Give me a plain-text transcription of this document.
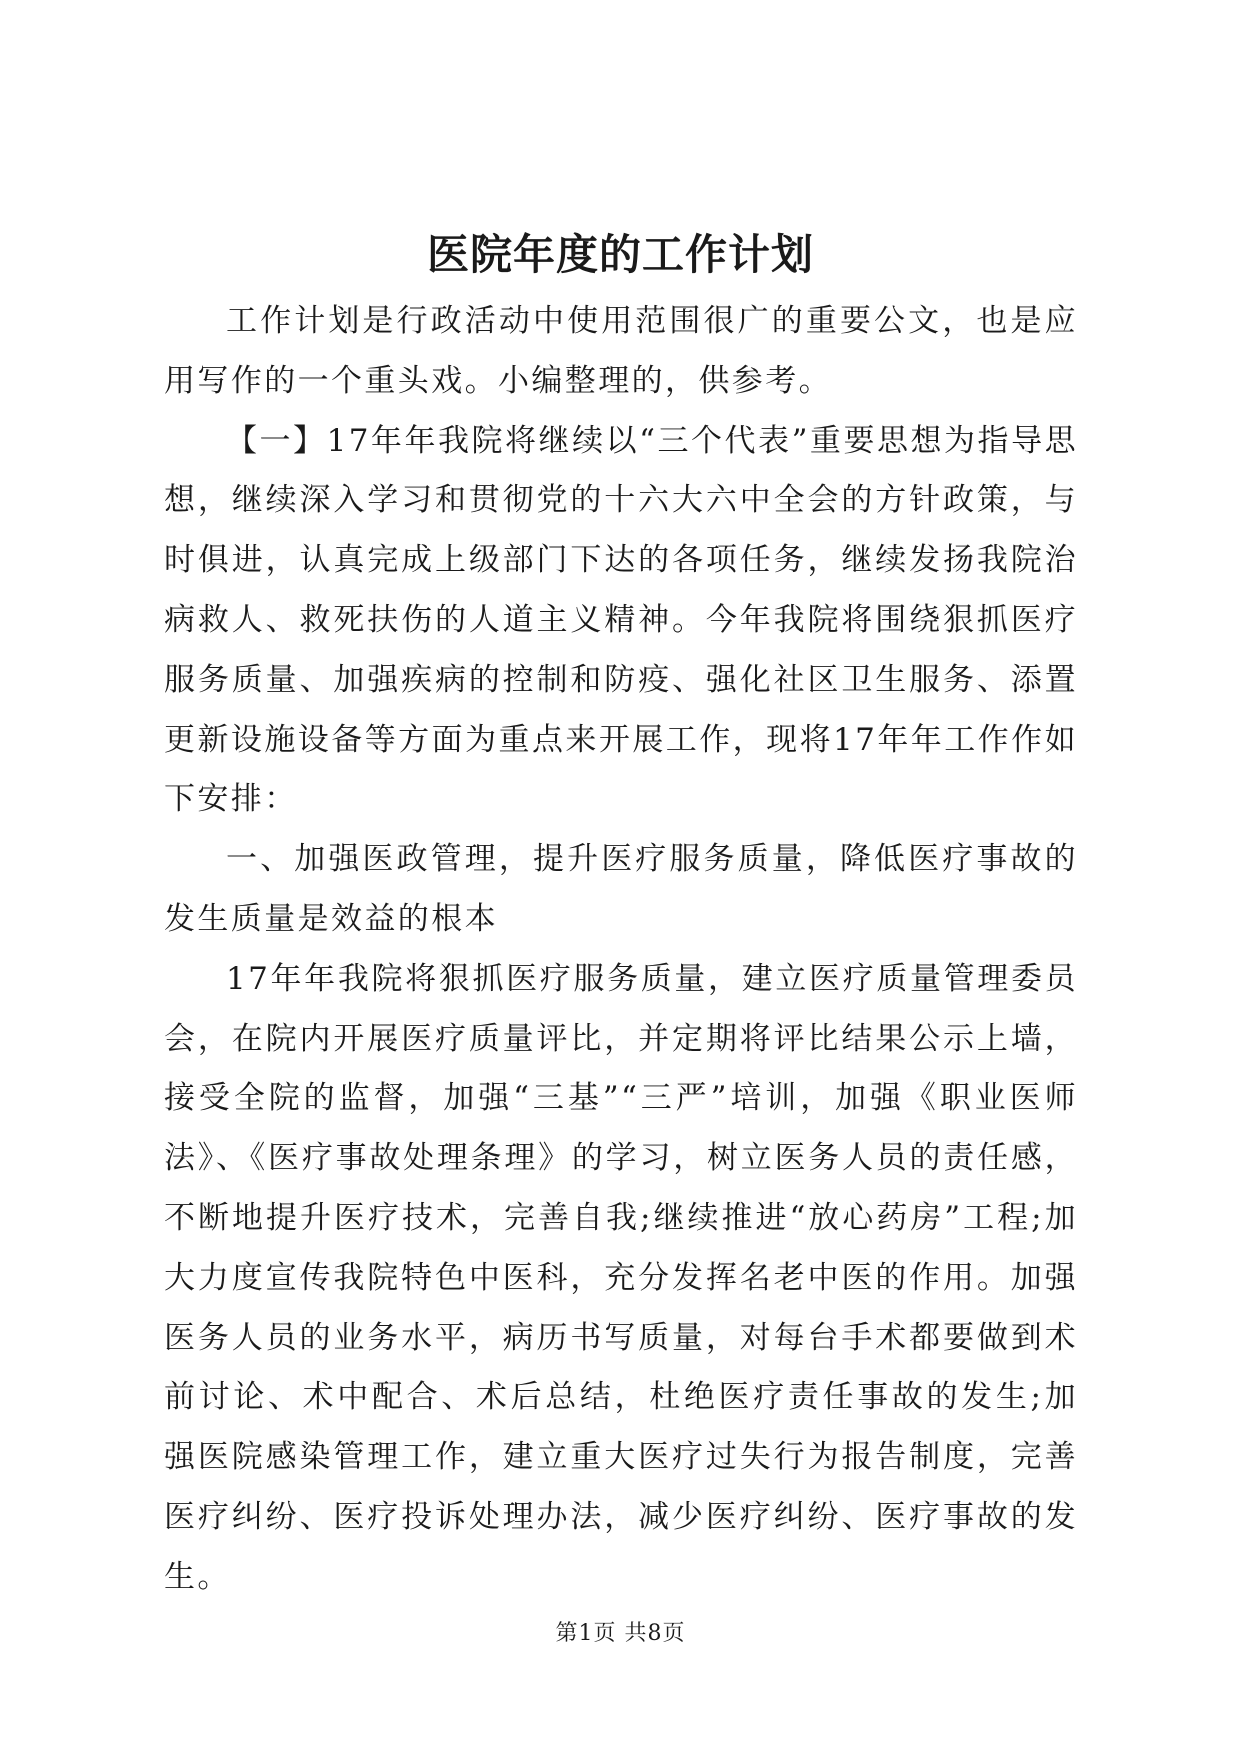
医院年度的工作计划

工作计划是行政活动中使用范围很广的重要公文，也是应用写作的一个重头戏。小编整理的，供参考。

【一】17年年我院将继续以“三个代表”重要思想为指导思想，继续深入学习和贯彻党的十六大六中全会的方针政策，与时俱进，认真完成上级部门下达的各项任务，继续发扬我院治病救人、救死扶伤的人道主义精神。今年我院将围绕狠抓医疗服务质量、加强疾病的控制和防疫、强化社区卫生服务、添置更新设施设备等方面为重点来开展工作，现将17年年工作作如下安排：

一、加强医政管理，提升医疗服务质量，降低医疗事故的发生质量是效益的根本

17年年我院将狠抓医疗服务质量，建立医疗质量管理委员会，在院内开展医疗质量评比，并定期将评比结果公示上墙，接受全院的监督，加强“三基”“三严”培训，加强《职业医师法》、《医疗事故处理条理》的学习，树立医务人员的责任感，不断地提升医疗技术，完善自我;继续推进“放心药房”工程;加大力度宣传我院特色中医科，充分发挥名老中医的作用。加强医务人员的业务水平，病历书写质量，对每台手术都要做到术前讨论、术中配合、术后总结，杜绝医疗责任事故的发生;加强医院感染管理工作，建立重大医疗过失行为报告制度，完善医疗纠纷、医疗投诉处理办法，减少医疗纠纷、医疗事故的发生。

第1页 共8页
